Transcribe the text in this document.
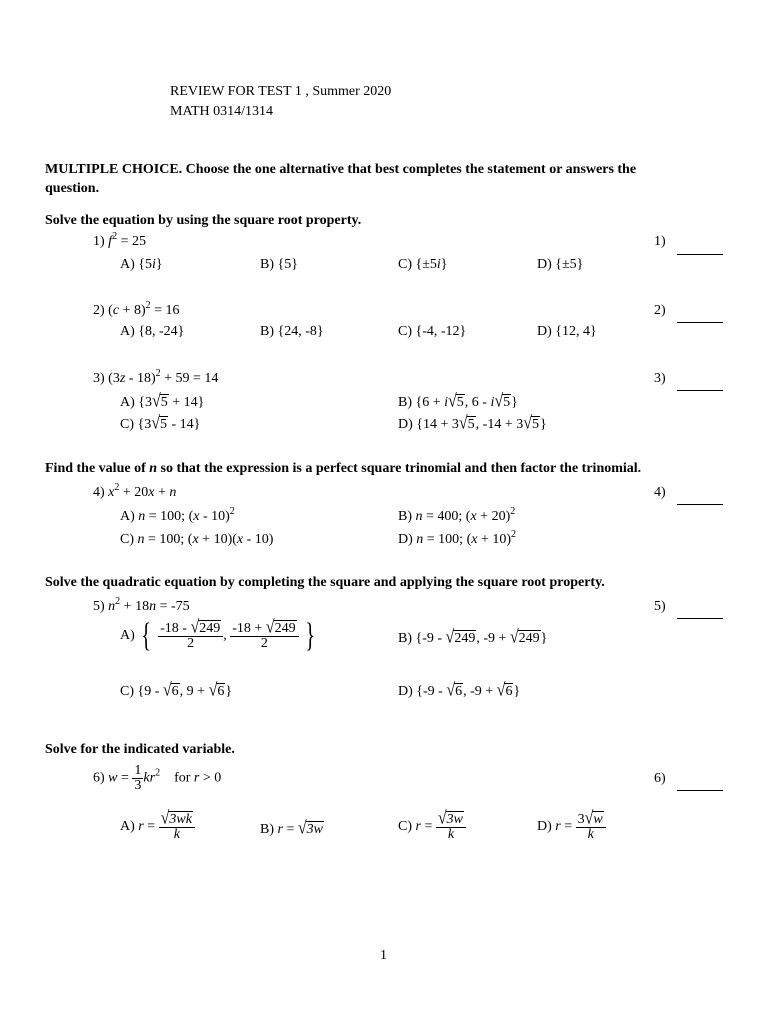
REVIEW FOR TEST 1 , Summer 2020
MATH 0314/1314
MULTIPLE CHOICE. Choose the one alternative that best completes the statement or answers the
question.
Solve the equation by using the square root property.
1) $f^2 = 25$
A) {5i}	B) {5}	C) {±5i}	D) {±5}
1)
2) $(c + 8)^2 = 16$
A) {8, -24}	B) {24, -8}	C) {-4, -12}	D) {12, 4}
2)
3) (3z - 18)$^2$ + 59 = 14
A) {3√5 + 14}	B) {6 + i√5, 6 - i√5}
C) {3√5 - 14}	D) {14 + 3√5, -14 + 3√5}
3)
Find the value of n so that the expression is a perfect square trinomial and then factor the trinomial.
4) $x^2 + 20x + n$
A) n = 100; (x - 10)$^2$	B) n = 400; $(x + 20)^2$
C) n = 100; (x + 10)(x - 10)	D) n = 100; $(x + 10)^2$
4)
Solve the quadratic equation by completing the square and applying the square root property.
5) $n^2 + 18n = -75$
A) { $\frac{-18 - √249}{2}$ , $\frac{-18 + √249}{2}$ }	B) {-9 - √249, -9 + √249}
C) {9 - √6, 9 + √6}	D) {-9 - √6, -9 + √6}
5)
Solve for the indicated variable.
6) $w = \frac{1}{3} kr^2$    for r > 0
A) $r = \frac{√3wk}{k}$	B) r = √3w	C) $r = \frac{√3w}{k}$	D) $r = \frac{3√w}{k}$
6)
1
